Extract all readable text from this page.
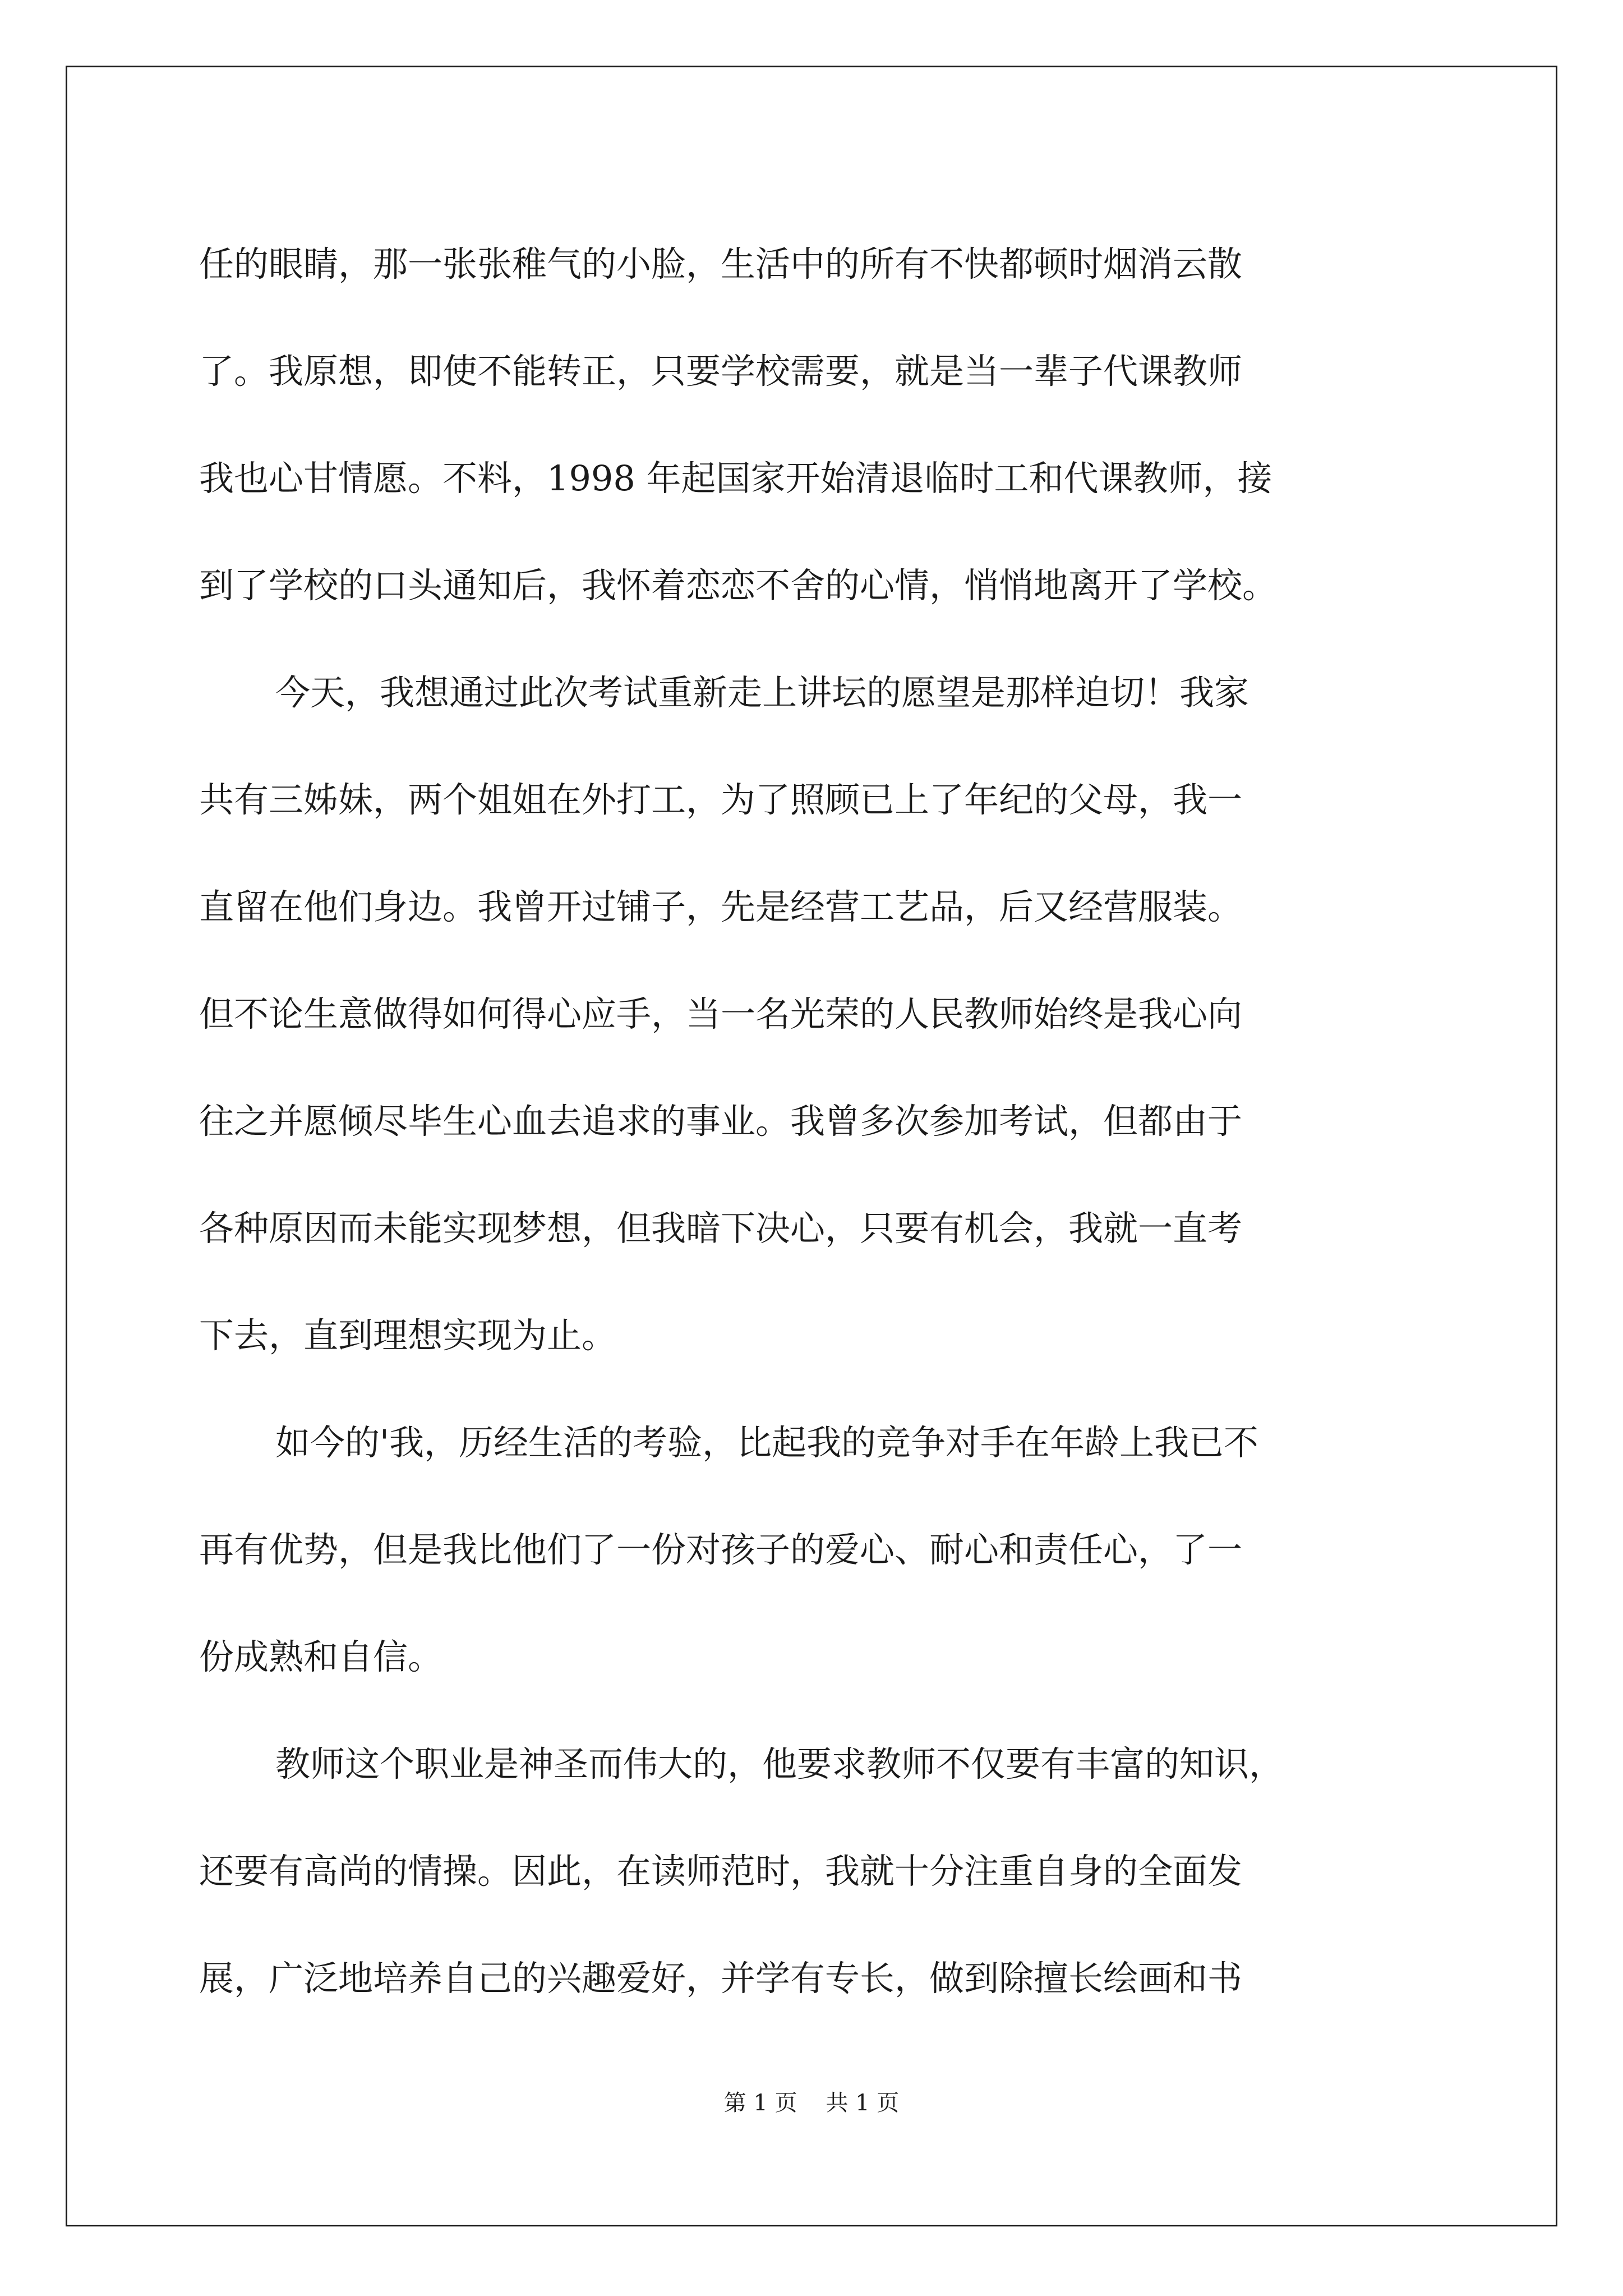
任的眼睛，那一张张稚气的小脸，生活中的所有不快都顿时烟消云散
了。我原想，即使不能转正，只要学校需要，就是当一辈子代课教师
我也心甘情愿。不料，1998 年起国家开始清退临时工和代课教师，接
到了学校的口头通知后，我怀着恋恋不舍的心情，悄悄地离开了学校。
今天，我想通过此次考试重新走上讲坛的愿望是那样迫切！我家
共有三姊妹，两个姐姐在外打工，为了照顾已上了年纪的父母，我一
直留在他们身边。我曾开过铺子，先是经营工艺品，后又经营服装。
但不论生意做得如何得心应手，当一名光荣的人民教师始终是我心向
往之并愿倾尽毕生心血去追求的事业。我曾多次参加考试，但都由于
各种原因而未能实现梦想，但我暗下决心，只要有机会，我就一直考
下去，直到理想实现为止。
如今的'我，历经生活的考验，比起我的竞争对手在年龄上我已不
再有优势，但是我比他们了一份对孩子的爱心、耐心和责任心，了一
份成熟和自信。
教师这个职业是神圣而伟大的，他要求教师不仅要有丰富的知识，
还要有高尚的情操。因此，在读师范时，我就十分注重自身的全面发
展，广泛地培养自己的兴趣爱好，并学有专长，做到除擅长绘画和书
第 1 页    共 1 页
